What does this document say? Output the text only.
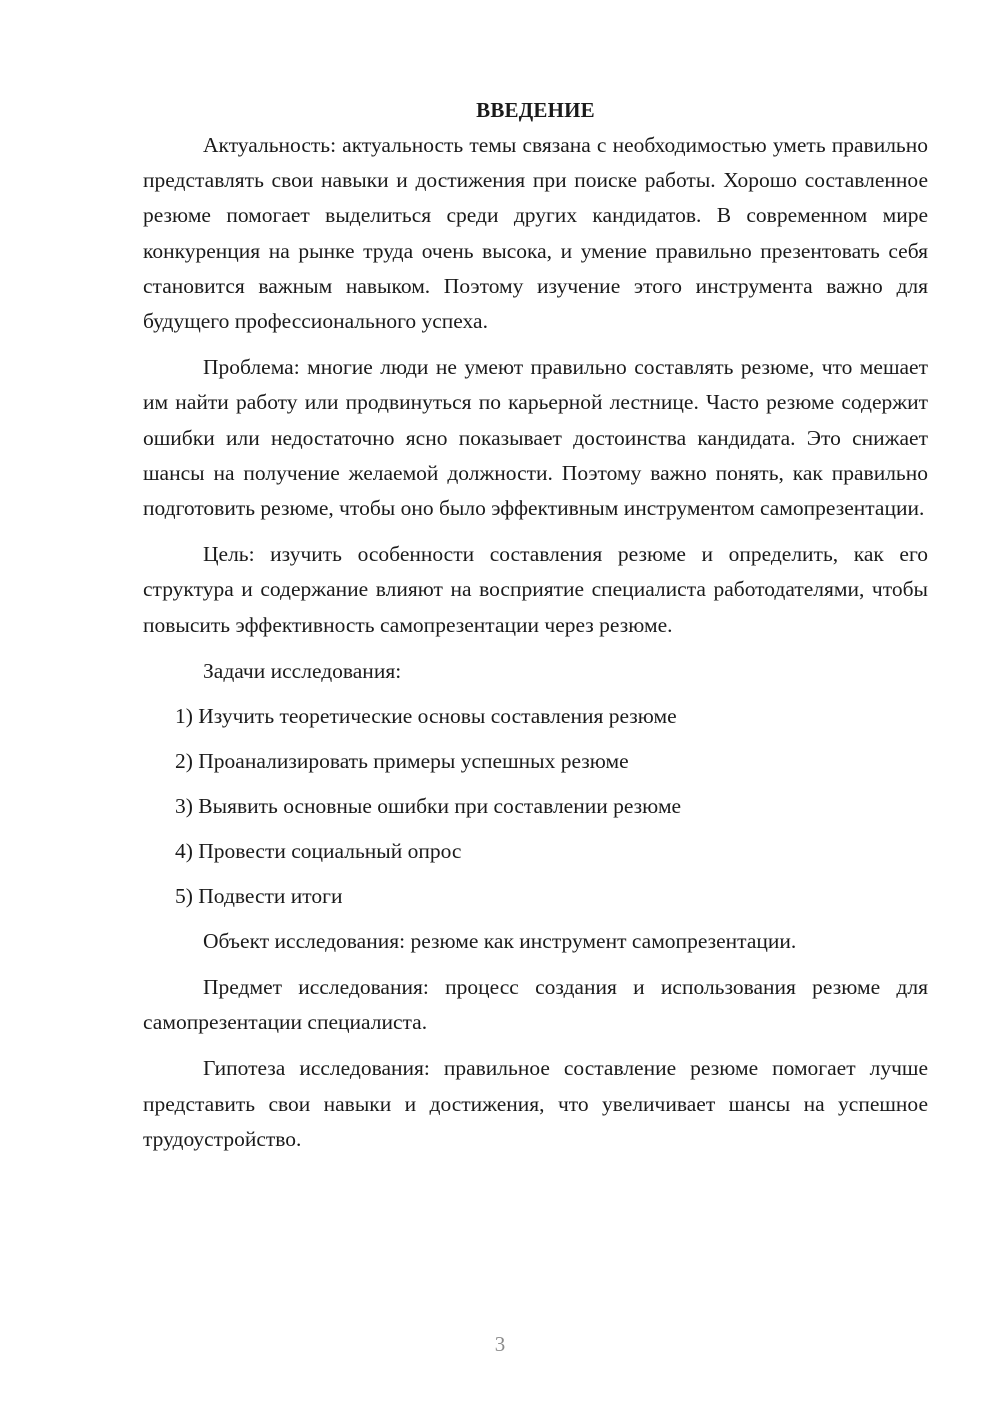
ВВЕДЕНИЕ

Актуальность: актуальность темы связана с необходимостью уметь правильно представлять свои навыки и достижения при поиске работы. Хорошо составленное резюме помогает выделиться среди других кандидатов. В современном мире конкуренция на рынке труда очень высока, и умение правильно презентовать себя становится важным навыком. Поэтому изучение этого инструмента важно для будущего профессионального успеха.

Проблема: многие люди не умеют правильно составлять резюме, что мешает им найти работу или продвинуться по карьерной лестнице. Часто резюме содержит ошибки или недостаточно ясно показывает достоинства кандидата. Это снижает шансы на получение желаемой должности. Поэтому важно понять, как правильно подготовить резюме, чтобы оно было эффективным инструментом самопрезентации.

Цель: изучить особенности составления резюме и определить, как его структура и содержание влияют на восприятие специалиста работодателями, чтобы повысить эффективность самопрезентации через резюме.

Задачи исследования:

1) Изучить теоретические основы составления резюме
2) Проанализировать примеры успешных резюме
3) Выявить основные ошибки при составлении резюме
4) Провести социальный опрос
5) Подвести итоги

Объект исследования: резюме как инструмент самопрезентации.

Предмет исследования: процесс создания и использования резюме для самопрезентации специалиста.

Гипотеза исследования: правильное составление резюме помогает лучше представить свои навыки и достижения, что увеличивает шансы на успешное трудоустройство.

3
